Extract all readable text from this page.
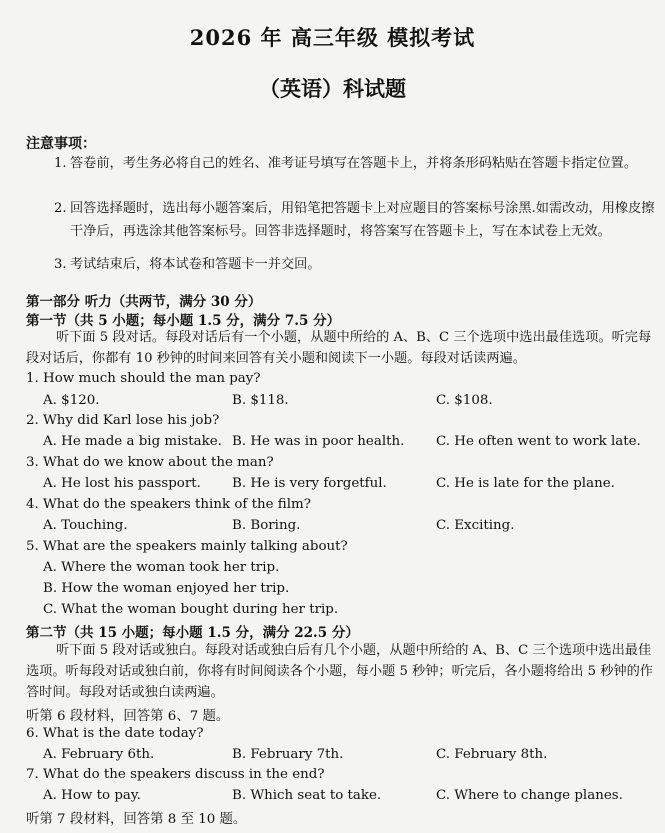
2026 年 高三年级 模拟考试
（英语）科试题
注意事项：
1. 答卷前，考生务必将自己的姓名、准考证号填写在答题卡上，并将条形码粘贴在答题卡指定位置。
2. 回答选择题时，选出每小题答案后，用铅笔把答题卡上对应题目的答案标号涂黑.如需改动，用橡皮擦干净后，再选涂其他答案标号。回答非选择题时，将答案写在答题卡上，写在本试卷上无效。
3. 考试结束后，将本试卷和答题卡一并交回。
第一部分 听力（共两节，满分 30 分）
第一节（共 5 小题；每小题 1.5 分，满分 7.5 分）
听下面 5 段对话。每段对话后有一个小题，从题中所给的 A、B、C 三个选项中选出最佳选项。听完每段对话后，你都有 10 秒钟的时间来回答有关小题和阅读下一小题。每段对话读两遍。
1. How much should the man pay?
A. $120.	B. $118.	C. $108.
2. Why did Karl lose his job?
A. He made a big mistake. B. He was in poor health. C. He often went to work late.
3. What do we know about the man?
A. He lost his passport. B. He is very forgetful.	C. He is late for the plane.
4. What do the speakers think of the film?
A. Touching.	B. Boring.	C. Exciting.
5. What are the speakers mainly talking about?
A. Where the woman took her trip.
B. How the woman enjoyed her trip.
C. What the woman bought during her trip.
第二节（共 15 小题；每小题 1.5 分，满分 22.5 分）
听下面 5 段对话或独白。每段对话或独白后有几个小题，从题中所给的 A、B、C 三个选项中选出最佳选项。听每段对话或独白前，你将有时间阅读各个小题，每小题 5 秒钟；听完后，各小题将给出 5 秒钟的作答时间。每段对话或独白读两遍。
听第 6 段材料，回答第 6、7 题。
6. What is the date today?
A. February 6th.	B. February 7th.	C. February 8th.
7. What do the speakers discuss in the end?
A. How to pay.	B. Which seat to take.	C. Where to change planes.
听第 7 段材料，回答第 8 至 10 题。
